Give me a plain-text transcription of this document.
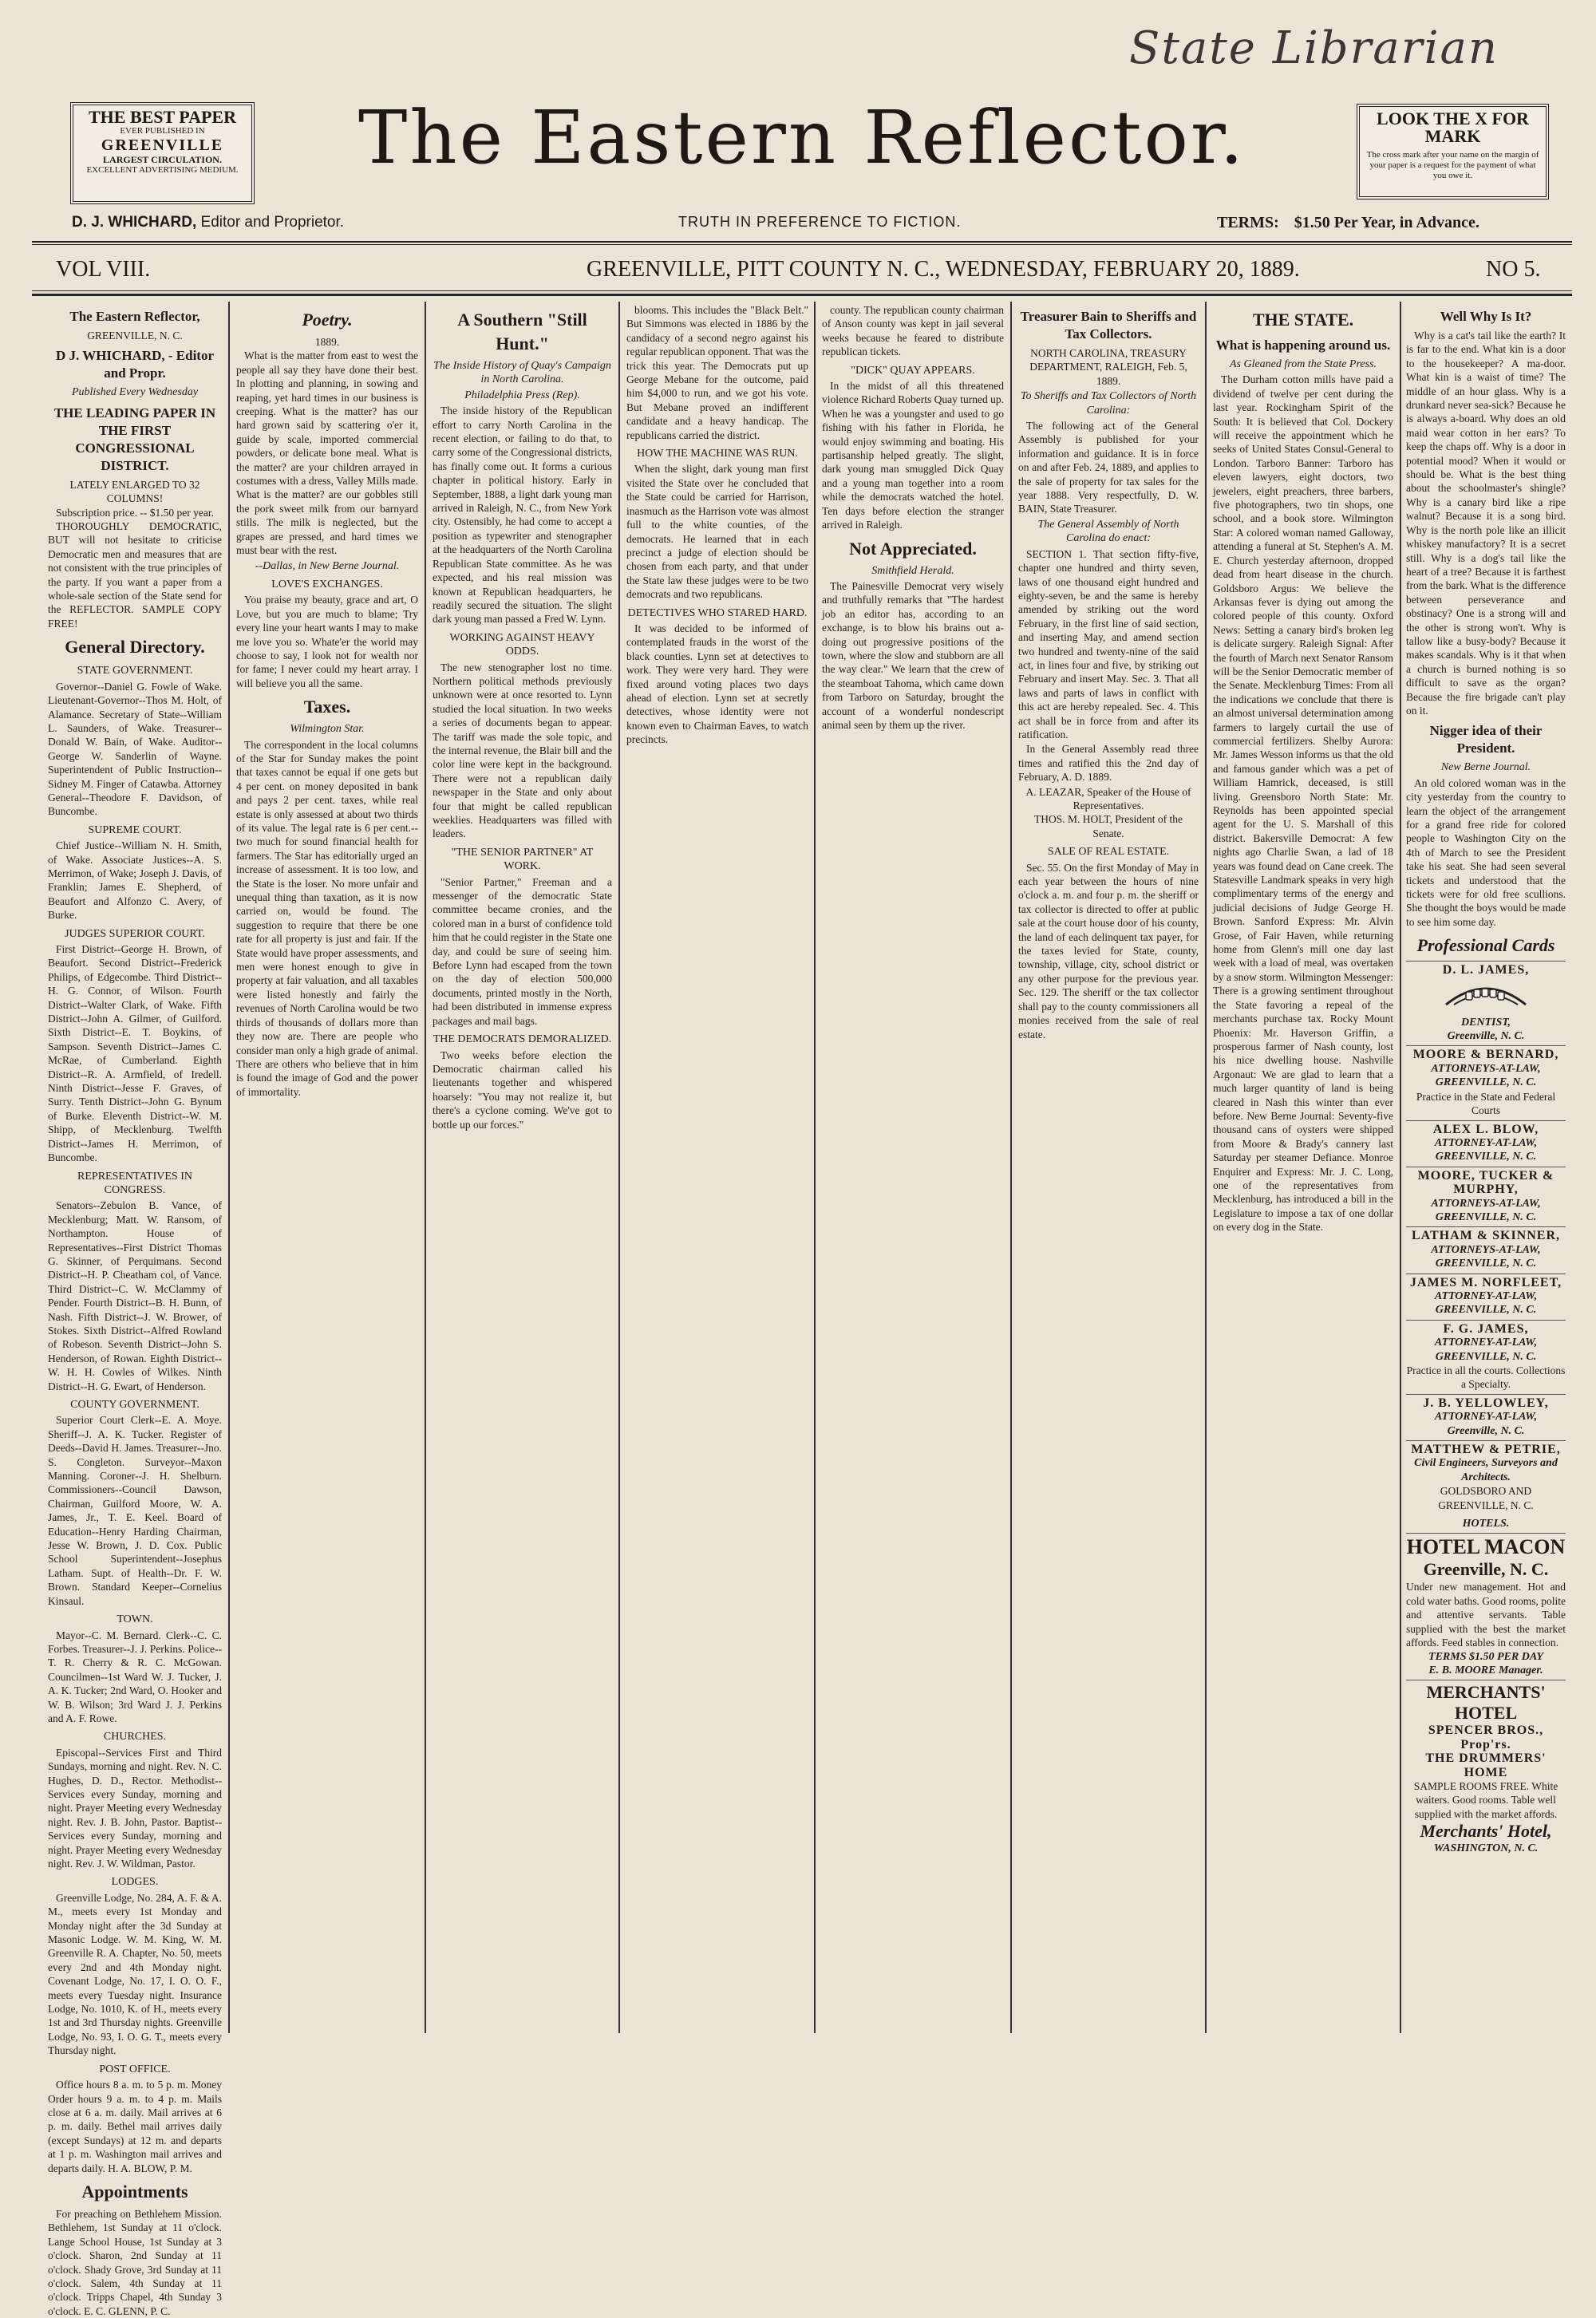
State Librarian
THE BEST PAPER
EVER PUBLISHED IN
GREENVILLE
LARGEST CIRCULATION.
EXCELLENT ADVERTISING MEDIUM.	The Eastern Reflector.	LOOK THE X FOR MARK
The cross mark after your name on the margin of your paper is a request for the payment of what you owe it.
D. J. WHICHARD, Editor and Proprietor.	TRUTH IN PREFERENCE TO FICTION.	TERMS: $1.50 Per Year, in Advance.
VOL VIII.	GREENVILLE, PITT COUNTY N. C., WEDNESDAY, FEBRUARY 20, 1889.	NO 5.
The Eastern Reflector,
GREENVILLE, N. C.
D J. WHICHARD, - Editor and Propr.
Published Every Wednesday
THE LEADING PAPER IN THE FIRST CONGRESSIONAL DISTRICT.
LATELY ENLARGED TO 32 COLUMNS!
Subscription price. -- $1.50 per year.

THOROUGHLY DEMOCRATIC, BUT will not hesitate to criticise Democratic men and measures that are not consistent with the true principles of the party. If you want a paper from a whole-sale section of the State send for the REFLECTOR. SAMPLE COPY FREE!

General Directory.
STATE GOVERNMENT.

Governor--Daniel G. Fowle of Wake. Lieutenant-Governor--Thos M. Holt, of Alamance. Secretary of State--William L. Saunders, of Wake. Treasurer--Donald W. Bain, of Wake. Auditor--George W. Sanderlin of Wayne. Superintendent of Public Instruction--Sidney M. Finger of Catawba. Attorney General--Theodore F. Davidson, of Buncombe.

SUPREME COURT.

Chief Justice--William N. H. Smith, of Wake. Associate Justices--A. S. Merrimon, of Wake; Joseph J. Davis, of Franklin; James E. Shepherd, of Beaufort and Alfonzo C. Avery, of Burke.

JUDGES SUPERIOR COURT.

First District--George H. Brown, of Beaufort. Second District--Frederick Philips, of Edgecombe. Third District--H. G. Connor, of Wilson. Fourth District--Walter Clark, of Wake. Fifth District--John A. Gilmer, of Guilford. Sixth District--E. T. Boykins, of Sampson. Seventh District--James C. McRae, of Cumberland. Eighth District--R. A. Armfield, of Iredell. Ninth District--Jesse F. Graves, of Surry. Tenth District--John G. Bynum of Burke. Eleventh District--W. M. Shipp, of Mecklenburg. Twelfth District--James H. Merrimon, of Buncombe.

REPRESENTATIVES IN CONGRESS.

Senators--Zebulon B. Vance, of Mecklenburg; Matt. W. Ransom, of Northampton. House of Representatives--First District Thomas G. Skinner, of Perquimans. Second District--H. P. Cheatham col, of Vance. Third District--C. W. McClammy of Pender. Fourth District--B. H. Bunn, of Nash. Fifth District--J. W. Brower, of Stokes. Sixth District--Alfred Rowland of Robeson. Seventh District--John S. Henderson, of Rowan. Eighth District--W. H. H. Cowles of Wilkes. Ninth District--H. G. Ewart, of Henderson.

COUNTY GOVERNMENT.

Superior Court Clerk--E. A. Moye. Sheriff--J. A. K. Tucker. Register of Deeds--David H. James. Treasurer--Jno. S. Congleton. Surveyor--Maxon Manning. Coroner--J. H. Shelburn. Commissioners--Council Dawson, Chairman, Guilford Moore, W. A. James, Jr., T. E. Keel. Board of Education--Henry Harding Chairman, Jesse W. Brown, J. D. Cox. Public School Superintendent--Josephus Latham. Supt. of Health--Dr. F. W. Brown. Standard Keeper--Cornelius Kinsaul.

TOWN.

Mayor--C. M. Bernard. Clerk--C. C. Forbes. Treasurer--J. J. Perkins. Police--T. R. Cherry & R. C. McGowan. Councilmen--1st Ward W. J. Tucker, J. A. K. Tucker; 2nd Ward, O. Hooker and W. B. Wilson; 3rd Ward J. J. Perkins and A. F. Rowe.

CHURCHES.

Episcopal--Services First and Third Sundays, morning and night. Rev. N. C. Hughes, D. D., Rector. Methodist--Services every Sunday, morning and night. Prayer Meeting every Wednesday night. Rev. J. B. John, Pastor. Baptist--Services every Sunday, morning and night. Prayer Meeting every Wednesday night. Rev. J. W. Wildman, Pastor.

LODGES.

Greenville Lodge, No. 284, A. F. & A. M., meets every 1st Monday and Monday night after the 3d Sunday at Masonic Lodge. W. M. King, W. M. Greenville R. A. Chapter, No. 50, meets every 2nd and 4th Monday night. Covenant Lodge, No. 17, I. O. O. F., meets every Tuesday night. Insurance Lodge, No. 1010, K. of H., meets every 1st and 3rd Thursday nights. Greenville Lodge, No. 93, I. O. G. T., meets every Thursday night.

POST OFFICE.

Office hours 8 a. m. to 5 p. m. Money Order hours 9 a. m. to 4 p. m. Mails close at 6 a. m. daily. Mail arrives at 6 p. m. daily. Bethel mail arrives daily (except Sundays) at 12 m. and departs at 1 p. m. Washington mail arrives and departs daily. H. A. BLOW, P. M.

Appointments

For preaching on Bethlehem Mission. Bethlehem, 1st Sunday at 11 o'clock. Lange School House, 1st Sunday at 3 o'clock. Sharon, 2nd Sunday at 11 o'clock. Shady Grove, 3rd Sunday at 11 o'clock. Salem, 4th Sunday at 11 o'clock. Tripps Chapel, 4th Sunday 3 o'clock. E. C. GLENN, P. C.

Poetry.
1889.

What is the matter from east to west the people all say they have done their best. In plotting and planning, in sowing and reaping, yet hard times in our business is creeping. What is the matter? has our hard grown said by scattering o'er it, guide by scale, imported commercial powders, or delicate bone meal. What is the matter? are your children arrayed in costumes with a dress, Valley Mills made. What is the matter? are our gobbles still the pork sweet milk from our barnyard stills. The milk is neglected, but the grapes are pressed, and hard times we must bear with the rest.

--Dallas, in New Berne Journal.
LOVE'S EXCHANGES.

You praise my beauty, grace and art, O Love, but you are much to blame; Try every line your heart wants I may to make me love you so. Whate'er the world may choose to say, I look not for wealth nor for fame; I never could my heart array. I will believe you all the same.

Taxes.
Wilmington Star.

The correspondent in the local columns of the Star for Sunday makes the point that taxes cannot be equal if one gets but 4 per cent. on money deposited in bank and pays 2 per cent. taxes, while real estate is only assessed at about two thirds of its value. The legal rate is 6 per cent.--two much for sound financial health for farmers. The Star has editorially urged an increase of assessment. It is too low, and the State is the loser. No more unfair and unequal thing than taxation, as it is now carried on, would be found. The suggestion to require that there be one rate for all property is just and fair. If the State would have proper assessments, and men were honest enough to give in property at fair valuation, and all taxables were listed honestly and fairly the revenues of North Carolina would be two thirds of thousands of dollars more than they now are. There are people who consider man only a high grade of animal. There are others who believe that in him is found the image of God and the power of immortality.

A Southern "Still Hunt."
The Inside History of Quay's Campaign in North Carolina.
Philadelphia Press (Rep).

The inside history of the Republican effort to carry North Carolina in the recent election, or failing to do that, to carry some of the Congressional districts, has finally come out. It forms a curious chapter in political history. Early in September, 1888, a light dark young man arrived in Raleigh, N. C., from New York city. Ostensibly, he had come to accept a position as typewriter and stenographer at the headquarters of the North Carolina Republican State committee. As he was expected, and his real mission was known at Republican headquarters, he readily secured the situation. The slight dark young man passed a Fred W. Lynn.

WORKING AGAINST HEAVY ODDS.

The new stenographer lost no time. Northern political methods previously unknown were at once resorted to. Lynn studied the local situation. In two weeks a series of documents began to appear. The tariff was made the sole topic, and the internal revenue, the Blair bill and the color line were kept in the background. There were not a republican daily newspaper in the State and only about four that might be called republican weeklies. Headquarters was filled with leaders.

"THE SENIOR PARTNER" AT WORK.

"Senior Partner," Freeman and a messenger of the democratic State committee became cronies, and the colored man in a burst of confidence told him that he could register in the State one day, and could be sure of seeing him. Before Lynn had escaped from the town on the day of election 500,000 documents, printed mostly in the North, had been distributed in immense express packages and mail bags.

THE DEMOCRATS DEMORALIZED.

Two weeks before election the Democratic chairman called his lieutenants together and whispered hoarsely: "You may not realize it, but there's a cyclone coming. We've got to bottle up our forces."

blooms. This includes the "Black Belt." But Simmons was elected in 1886 by the candidacy of a second negro against his regular republican opponent. That was the trick this year. The Democrats put up George Mebane for the outcome, paid him $4,000 to run, and we got his vote. But Mebane proved an indifferent candidate and a heavy handicap. The republicans carried the district.

HOW THE MACHINE WAS RUN.

When the slight, dark young man first visited the State over he concluded that the State could be carried for Harrison, inasmuch as the Harrison vote was almost full to the white counties, of the democrats. He learned that in each precinct a judge of election should be chosen from each party, and that under the State law these judges were to be two democrats and two republicans.

DETECTIVES WHO STARED HARD.

It was decided to be informed of contemplated frauds in the worst of the black counties. Lynn set at detectives to work. They were very hard. They were fixed around voting places two days ahead of election. Lynn set at secretly detectives, whose identity were not known even to Chairman Eaves, to watch precincts.

county. The republican county chairman of Anson county was kept in jail several weeks because he feared to distribute republican tickets.

"DICK" QUAY APPEARS.

In the midst of all this threatened violence Richard Roberts Quay turned up. When he was a youngster and used to go fishing with his father in Florida, he would enjoy swimming and boating. His partisanship helped greatly. The slight, dark young man smuggled Dick Quay and a young man together into a room while the democrats watched the hotel. Ten days before election the stranger arrived in Raleigh.

Not Appreciated.
Smithfield Herald.

The Painesville Democrat very wisely and truthfully remarks that "The hardest job an editor has, according to an exchange, is to blow his brains out a-doing out progressive positions of the town, where the slow and stubborn are all the way clear." We learn that the crew of the steamboat Tahoma, which came down from Tarboro on Saturday, brought the account of a wonderful nondescript animal seen by them up the river.

Treasurer Bain to Sheriffs and Tax Collectors.
NORTH CAROLINA, TREASURY DEPARTMENT, RALEIGH, Feb. 5, 1889.
To Sheriffs and Tax Collectors of North Carolina:

The following act of the General Assembly is published for your information and guidance. It is in force on and after Feb. 24, 1889, and applies to the sale of property for tax sales for the year 1888. Very respectfully, D. W. BAIN, State Treasurer.

The General Assembly of North Carolina do enact:

SECTION 1. That section fifty-five, chapter one hundred and thirty seven, laws of one thousand eight hundred and eighty-seven, be and the same is hereby amended by striking out the word February, in the first line of said section, and inserting May, and amend section two hundred and twenty-nine of the said act, in lines four and five, by striking out February and insert May. Sec. 3. That all laws and parts of laws in conflict with this act are hereby repealed. Sec. 4. This act shall be in force from and after its ratification.

In the General Assembly read three times and ratified this the 2nd day of February, A. D. 1889.

A. LEAZAR, Speaker of the House of Representatives.
THOS. M. HOLT, President of the Senate.
SALE OF REAL ESTATE.

Sec. 55. On the first Monday of May in each year between the hours of nine o'clock a. m. and four p. m. the sheriff or tax collector is directed to offer at public sale at the court house door of his county, the land of each delinquent tax payer, for the taxes levied for State, county, township, village, city, school district or any other purpose for the previous year. Sec. 129. The sheriff or the tax collector shall pay to the county commissioners all monies received from the sale of real estate.

THE STATE.
What is happening around us.
As Gleaned from the State Press.

The Durham cotton mills have paid a dividend of twelve per cent during the last year. Rockingham Spirit of the South: It is believed that Col. Dockery will receive the appointment which he seeks of United States Consul-General to London. Tarboro Banner: Tarboro has eleven lawyers, eight doctors, two jewelers, eight preachers, three barbers, five photographers, two tin shops, one school, and a book store. Wilmington Star: A colored woman named Galloway, attending a funeral at St. Stephen's A. M. E. Church yesterday afternoon, dropped dead from heart disease in the church. Goldsboro Argus: We believe the Arkansas fever is dying out among the colored people of this county. Oxford News: Setting a canary bird's broken leg is delicate surgery. Raleigh Signal: After the fourth of March next Senator Ransom will be the Senior Democratic member of the Senate. Mecklenburg Times: From all the indications we conclude that there is an almost universal determination among farmers to largely curtail the use of commercial fertilizers. Shelby Aurora: Mr. James Wesson informs us that the old and famous gander which was a pet of William Hamrick, deceased, is still living. Greensboro North State: Mr. Reynolds has been appointed special agent for the U. S. Marshall of this district. Bakersville Democrat: A few nights ago Charlie Swan, a lad of 18 years was found dead on Cane creek. The Statesville Landmark speaks in very high complimentary terms of the energy and judicial decisions of Judge George H. Brown. Sanford Express: Mr. Alvin Grose, of Fair Haven, while returning home from Glenn's mill one day last week with a load of meal, was overtaken by a snow storm. Wilmington Messenger: There is a growing sentiment throughout the State favoring a repeal of the merchants purchase tax. Rocky Mount Phoenix: Mr. Haverson Griffin, a prosperous farmer of Nash county, lost his nice dwelling house. Nashville Argonaut: We are glad to learn that a much larger quantity of land is being cleared in Nash this winter than ever before. New Berne Journal: Seventy-five thousand cans of oysters were shipped from Moore & Brady's cannery last Saturday per steamer Defiance. Monroe Enquirer and Express: Mr. J. C. Long, one of the representatives from Mecklenburg, has introduced a bill in the Legislature to impose a tax of one dollar on every dog in the State.

Well Why Is It?

Why is a cat's tail like the earth? It is far to the end. What kin is a door to the housekeeper? A ma-door. What kin is a waist of time? The middle of an hour glass. Why is a drunkard never sea-sick? Because he is always a-board. Why does an old maid wear cotton in her ears? To keep the chaps off. Why is a door in potential mood? When it would or should be. What is the best thing about the schoolmaster's shingle? Why is a canary bird like a ripe walnut? Because it is a song bird. Why is the north pole like an illicit whiskey manufactory? It is a secret still. Why is a dog's tail like the heart of a tree? Because it is farthest from the bark. What is the difference between perseverance and obstinacy? One is a strong will and the other is strong won't. Why is tallow like a busy-body? Because it makes scandals. Why is it that when a church is burned nothing is so difficult to save as the organ? Because the fire brigade can't play on it.

Nigger idea of their President.
New Berne Journal.

An old colored woman was in the city yesterday from the country to learn the object of the arrangement for a grand free ride for colored people to Washington City on the 4th of March to see the President take his seat. She had seen several tickets and understood that the tickets were for old free scullions. She thought the boys would be made to see him some day.

Professional Cards
D. L. JAMES,
DENTIST,
Greenville, N. C.
MOORE & BERNARD,
ATTORNEYS-AT-LAW,
GREENVILLE, N. C.
Practice in the State and Federal Courts
ALEX L. BLOW,
ATTORNEY-AT-LAW,
GREENVILLE, N. C.
MOORE, TUCKER & MURPHY,
ATTORNEYS-AT-LAW,
GREENVILLE, N. C.
LATHAM & SKINNER,
ATTORNEYS-AT-LAW,
GREENVILLE, N. C.
JAMES M. NORFLEET,
ATTORNEY-AT-LAW,
GREENVILLE, N. C.
F. G. JAMES,
ATTORNEY-AT-LAW,
GREENVILLE, N. C.
Practice in all the courts. Collections a Specialty.
J. B. YELLOWLEY,
ATTORNEY-AT-LAW,
Greenville, N. C.
MATTHEW & PETRIE,
Civil Engineers, Surveyors and Architects.
GOLDSBORO AND GREENVILLE, N. C.
HOTELS.
HOTEL MACON
Greenville, N. C.
Under new management. Hot and cold water baths. Good rooms, polite and attentive servants. Table supplied with the best the market affords. Feed stables in connection.
TERMS $1.50 PER DAY
E. B. MOORE Manager.
MERCHANTS' HOTEL
SPENCER BROS., Prop'rs.
THE DRUMMERS' HOME
SAMPLE ROOMS FREE. White waiters. Good rooms. Table well supplied with the market affords.
Merchants' Hotel,
WASHINGTON, N. C.
